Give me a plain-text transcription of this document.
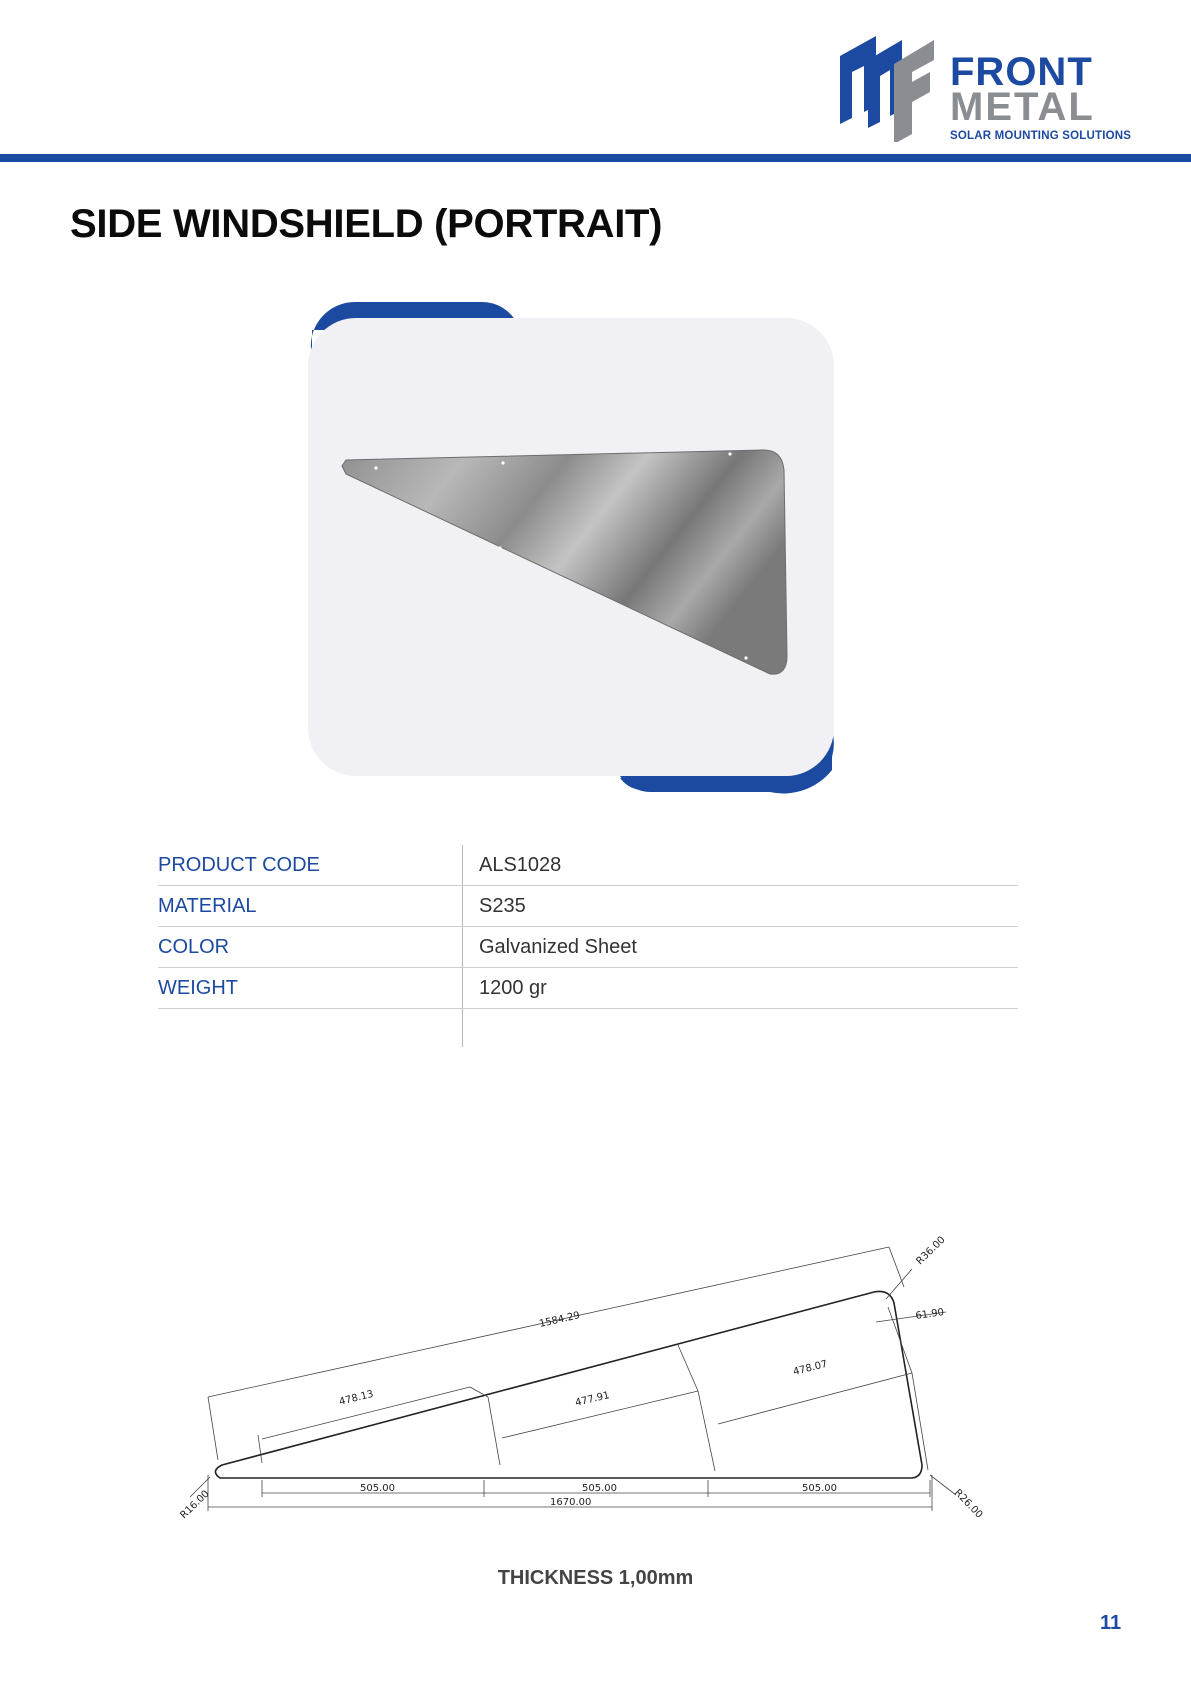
FRONT
METAL
SOLAR MOUNTING SOLUTIONS
SIDE WINDSHIELD (PORTRAIT)
PRODUCT CODE	ALS1028
MATERIAL	S235
COLOR	Galvanized Sheet
WEIGHT	1200 gr

1584.29
478.13	477.91
478.07
61.90
R36.00
R16.00	R26.00
505.00	505.00	505.00
1670.00
THICKNESS 1,00mm
11
